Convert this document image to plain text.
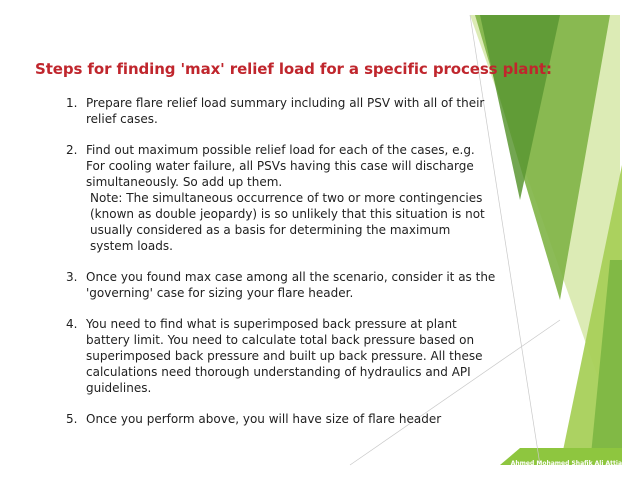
Steps for finding 'max' relief load for a specific process plant:
1. Prepare flare relief load summary including all PSV with all of their relief cases.
2. Find out maximum possible relief load for each of the cases, e.g. For cooling water failure, all PSVs having this case will discharge simultaneously. So add up them.
Note: The simultaneous occurrence of two or more contingencies (known as double jeopardy) is so unlikely that this situation is not usually considered as a basis for determining the maximum system loads.
3. Once you found max case among all the scenario, consider it as the 'governing' case for sizing your flare header.
4. You need to find what is superimposed back pressure at plant battery limit. You need to calculate total back pressure based on superimposed back pressure and built up back pressure. All these calculations need thorough understanding of hydraulics and API guidelines.
5. Once you perform above, you will have size of flare header
Ahmed Mohamed Shafik Ali Attia
